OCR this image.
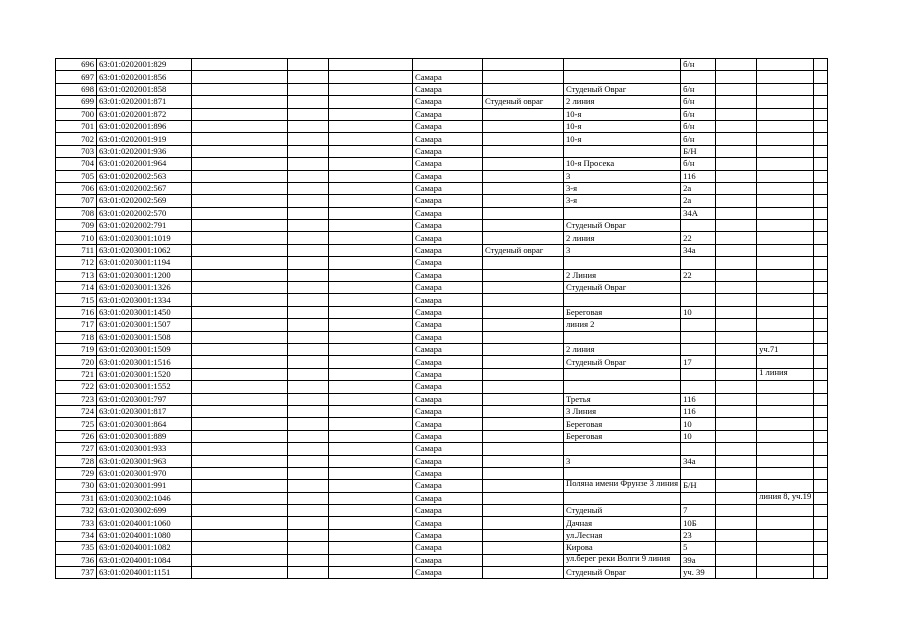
696	63:01:0202001:829							б/н			
697	63:01:0202001:856				Самара						
698	63:01:0202001:858				Самара		Студеный Овраг	б/н			
699	63:01:0202001:871				Самара	Студеный овраг	2 линия	б/н			
700	63:01:0202001:872				Самара		10-я	б/н			
701	63:01:0202001:896				Самара		10-я	б/н			
702	63:01:0202001:919				Самара		10-я	б/н			
703	63:01:0202001:936				Самара			Б/Н			
704	63:01:0202001:964				Самара		10-я Просека	б/н			
705	63:01:0202002:563				Самара		3	116			
706	63:01:0202002:567				Самара		3-я	2а			
707	63:01:0202002:569				Самара		3-я	2а			
708	63:01:0202002:570				Самара			34А			
709	63:01:0202002:791				Самара		Студеный Овраг				
710	63:01:0203001:1019				Самара		2 линия	22			
711	63:01:0203001:1062				Самара	Студеный овраг	3	34а			
712	63:01:0203001:1194				Самара						
713	63:01:0203001:1200				Самара		2 Линия	22			
714	63:01:0203001:1326				Самара		Студеный Овраг				
715	63:01:0203001:1334				Самара						
716	63:01:0203001:1450				Самара		Береговая	10			
717	63:01:0203001:1507				Самара		линия 2				
718	63:01:0203001:1508				Самара						
719	63:01:0203001:1509				Самара		2 линия			уч.71	
720	63:01:0203001:1516				Самара		Студеный Овраг	17			
721	63:01:0203001:1520				Самара					1 линия	
722	63:01:0203001:1552				Самара						
723	63:01:0203001:797				Самара		Третья	116			
724	63:01:0203001:817				Самара		3 Линия	116			
725	63:01:0203001:864				Самара		Береговая	10			
726	63:01:0203001:889				Самара		Береговая	10			
727	63:01:0203001:933				Самара						
728	63:01:0203001:963				Самара		3	34а			
729	63:01:0203001:970				Самара						
730	63:01:0203001:991				Самара		Поляна имени Фрунзе 3 линия	Б/Н			
731	63:01:0203002:1046				Самара					линия 8, уч.19	
732	63:01:0203002:699				Самара		Студеный	7			
733	63:01:0204001:1060				Самара		Дачная	10Б			
734	63:01:0204001:1080				Самара		ул.Лесная	23			
735	63:01:0204001:1082				Самара		Кирова	5			
736	63:01:0204001:1084				Самара		ул.берег реки Волги 9 линия	39а			
737	63:01:0204001:1151				Самара		Студеный Овраг	уч. 39			
